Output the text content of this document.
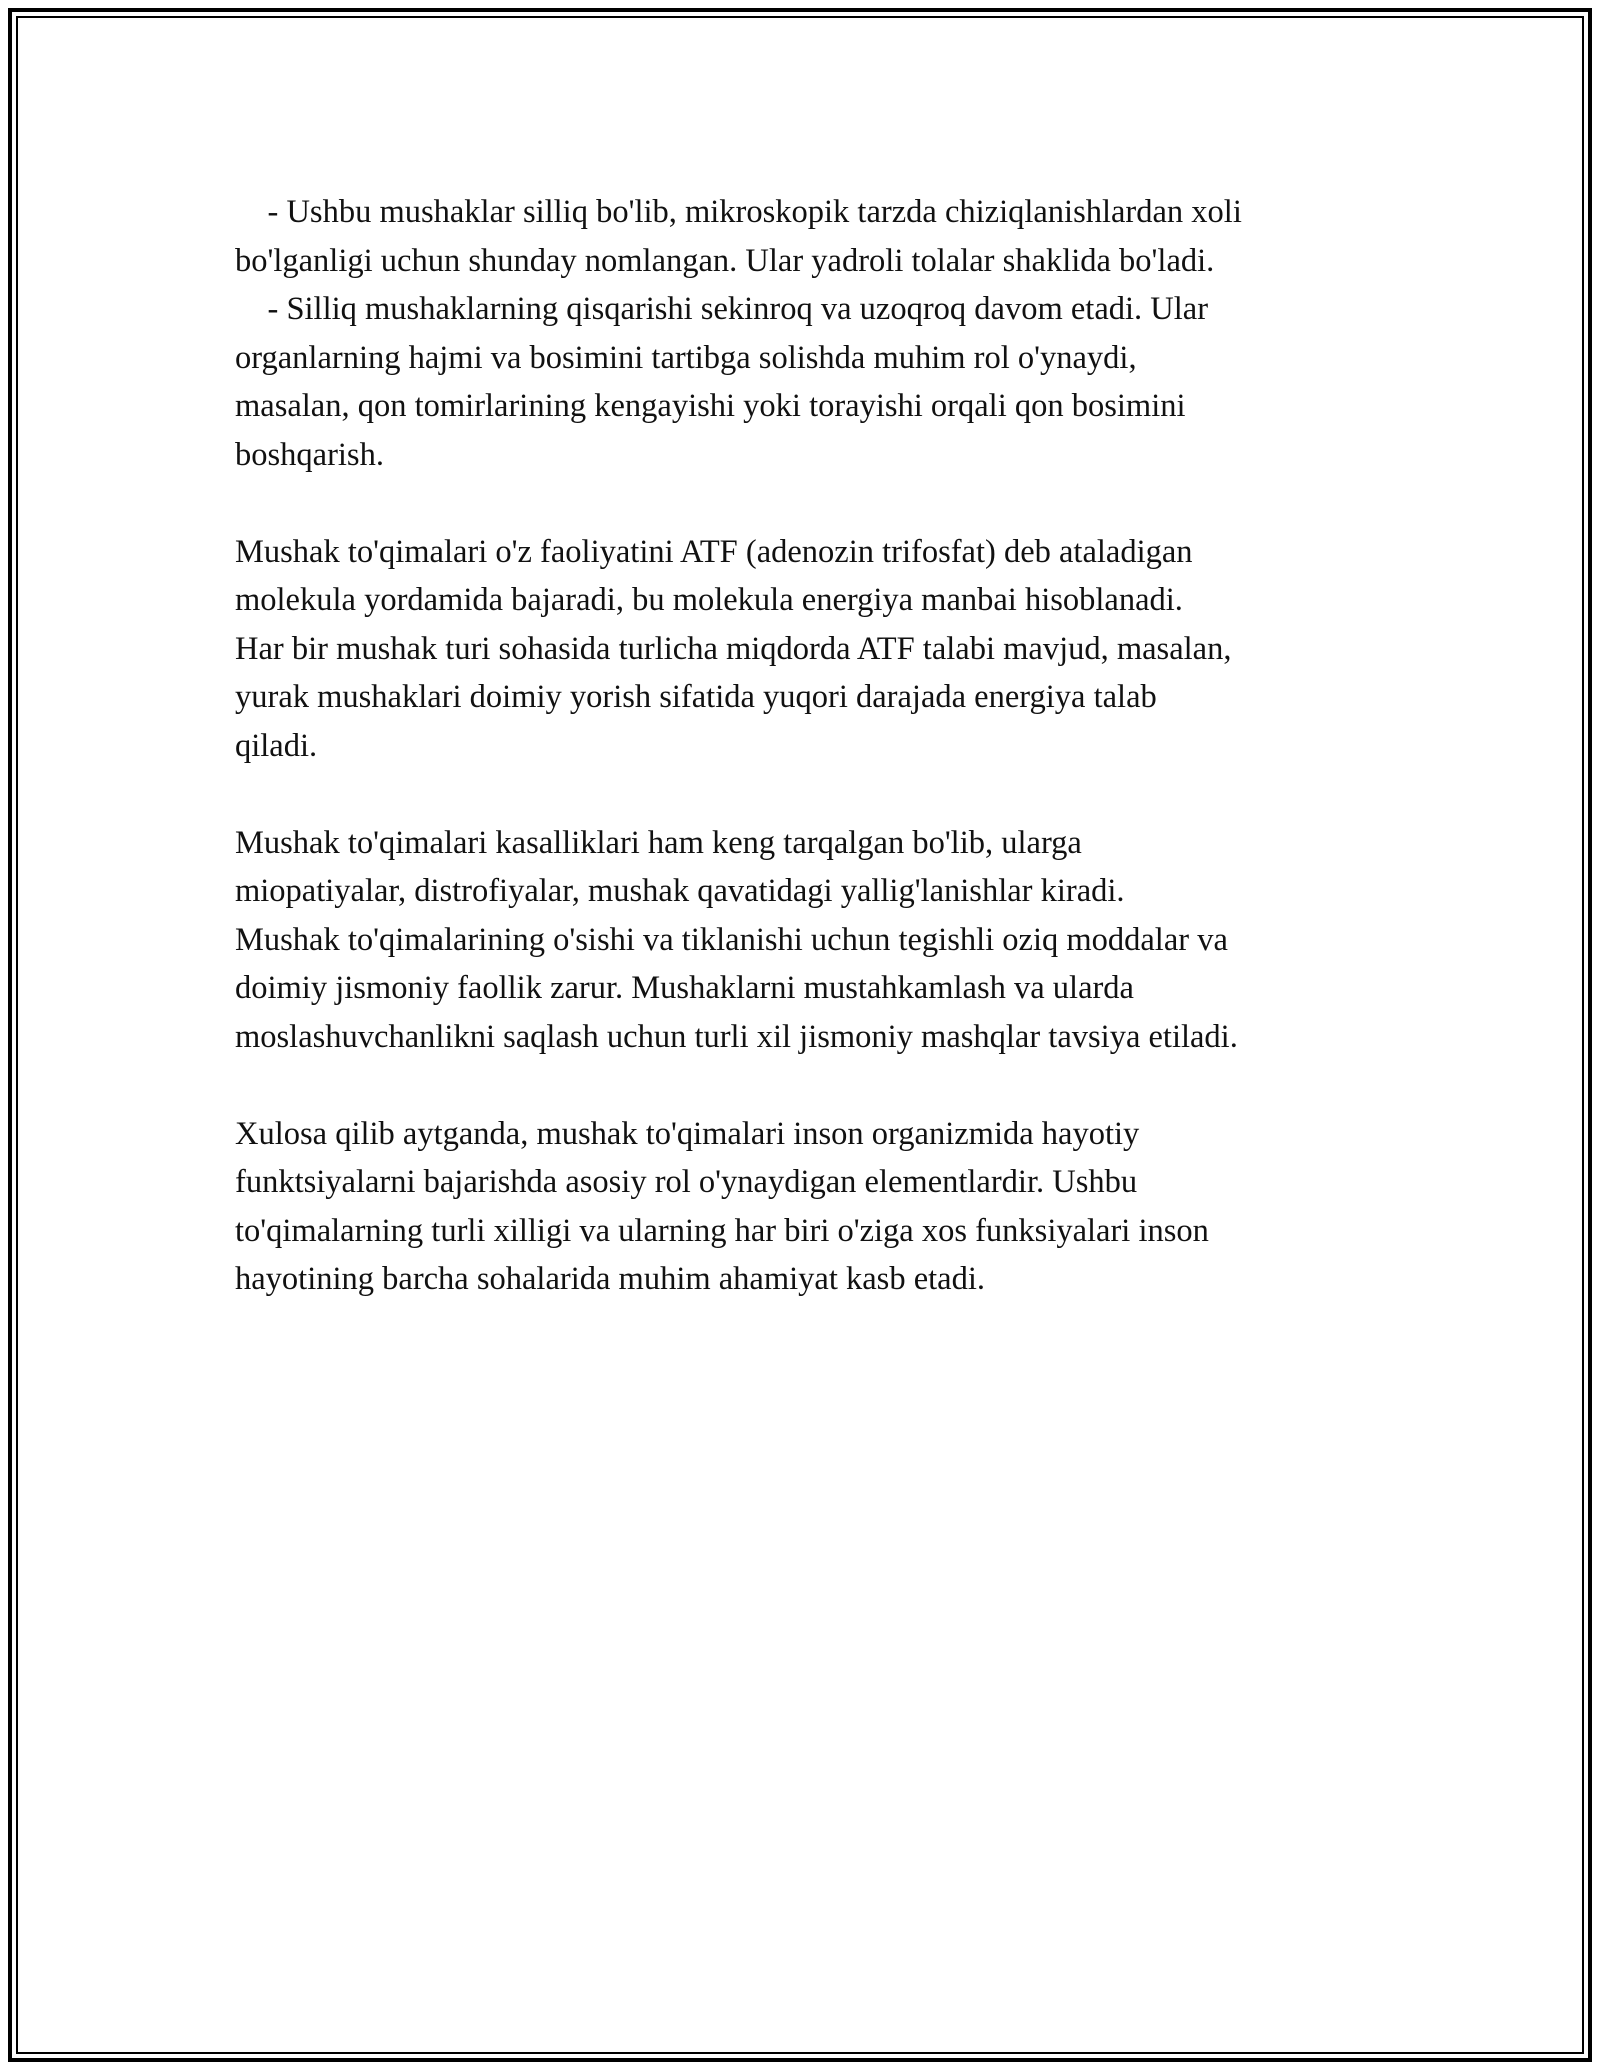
- Ushbu mushaklar silliq bo'lib, mikroskopik tarzda chiziqlanishlardan xoli
bo'lganligi uchun shunday nomlangan. Ular yadroli tolalar shaklida bo'ladi.
- Silliq mushaklarning qisqarishi sekinroq va uzoqroq davom etadi. Ular
organlarning hajmi va bosimini tartibga solishda muhim rol o'ynaydi,
masalan, qon tomirlarining kengayishi yoki torayishi orqali qon bosimini
boshqarish.
Mushak to'qimalari o'z faoliyatini ATF (adenozin trifosfat) deb ataladigan
molekula yordamida bajaradi, bu molekula energiya manbai hisoblanadi.
Har bir mushak turi sohasida turlicha miqdorda ATF talabi mavjud, masalan,
yurak mushaklari doimiy yorish sifatida yuqori darajada energiya talab
qiladi.
Mushak to'qimalari kasalliklari ham keng tarqalgan bo'lib, ularga
miopatiyalar, distrofiyalar, mushak qavatidagi yallig'lanishlar kiradi.
Mushak to'qimalarining o'sishi va tiklanishi uchun tegishli oziq moddalar va
doimiy jismoniy faollik zarur. Mushaklarni mustahkamlash va ularda
moslashuvchanlikni saqlash uchun turli xil jismoniy mashqlar tavsiya etiladi.
Xulosa qilib aytganda, mushak to'qimalari inson organizmida hayotiy
funktsiyalarni bajarishda asosiy rol o'ynaydigan elementlardir. Ushbu
to'qimalarning turli xilligi va ularning har biri o'ziga xos funksiyalari inson
hayotining barcha sohalarida muhim ahamiyat kasb etadi.
